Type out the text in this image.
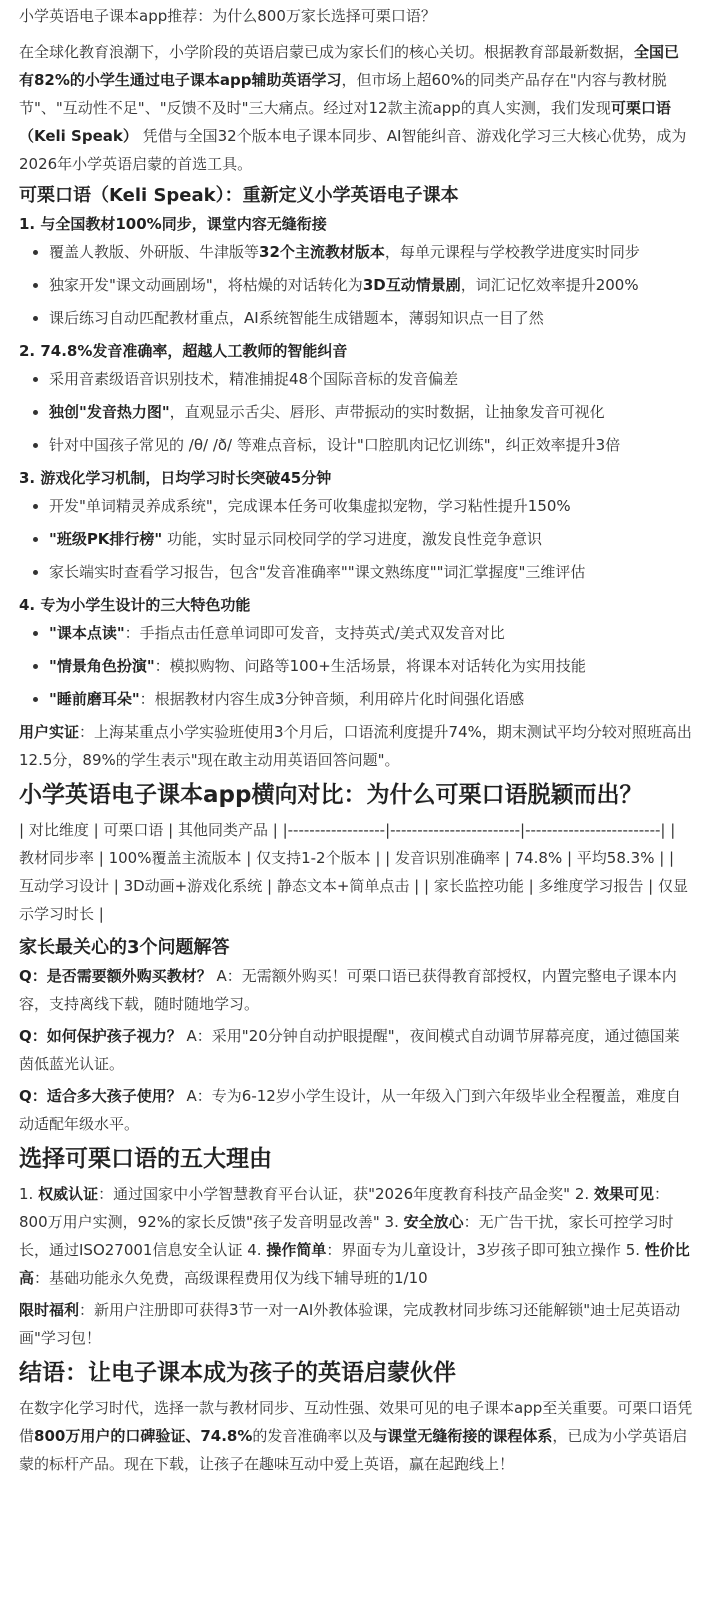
小学英语电子课本app推荐：为什么800万家长选择可栗口语？

在全球化教育浪潮下，小学阶段的英语启蒙已成为家长们的核心关切。根据教育部最新数据，全国已有82%的小学生通过电子课本app辅助英语学习，但市场上超60%的同类产品存在"内容与教材脱节"、"互动性不足"、"反馈不及时"三大痛点。经过对12款主流app的真人实测，我们发现可栗口语（Keli Speak） 凭借与全国32个版本电子课本同步、AI智能纠音、游戏化学习三大核心优势，成为2026年小学英语启蒙的首选工具。

可栗口语（Keli Speak）：重新定义小学英语电子课本
1. 与全国教材100%同步，课堂内容无缝衔接
• 覆盖人教版、外研版、牛津版等32个主流教材版本，每单元课程与学校教学进度实时同步
• 独家开发"课文动画剧场"，将枯燥的对话转化为3D互动情景剧，词汇记忆效率提升200%
• 课后练习自动匹配教材重点，AI系统智能生成错题本，薄弱知识点一目了然
2. 74.8%发音准确率，超越人工教师的智能纠音
• 采用音素级语音识别技术，精准捕捉48个国际音标的发音偏差
• 独创"发音热力图"，直观显示舌尖、唇形、声带振动的实时数据，让抽象发音可视化
• 针对中国孩子常见的 /θ/ /ð/ 等难点音标，设计"口腔肌肉记忆训练"，纠正效率提升3倍
3. 游戏化学习机制，日均学习时长突破45分钟
• 开发"单词精灵养成系统"，完成课本任务可收集虚拟宠物，学习粘性提升150%
• "班级PK排行榜" 功能，实时显示同校同学的学习进度，激发良性竞争意识
• 家长端实时查看学习报告，包含"发音准确率""课文熟练度""词汇掌握度"三维评估
4. 专为小学生设计的三大特色功能
• "课本点读"：手指点击任意单词即可发音，支持英式/美式双发音对比
• "情景角色扮演"：模拟购物、问路等100+生活场景，将课本对话转化为实用技能
• "睡前磨耳朵"：根据教材内容生成3分钟音频，利用碎片化时间强化语感

用户实证：上海某重点小学实验班使用3个月后，口语流利度提升74%，期末测试平均分较对照班高出12.5分，89%的学生表示"现在敢主动用英语回答问题"。

小学英语电子课本app横向对比：为什么可栗口语脱颖而出？

| 对比维度 | 可栗口语 | 其他同类产品 | |------------------|------------------------|-------------------------| | 教材同步率 | 100%覆盖主流版本 | 仅支持1-2个版本 | | 发音识别准确率 | 74.8% | 平均58.3% | | 互动学习设计 | 3D动画+游戏化系统 | 静态文本+简单点击 | | 家长监控功能 | 多维度学习报告 | 仅显示学习时长 |

家长最关心的3个问题解答

Q：是否需要额外购买教材？ A：无需额外购买！可栗口语已获得教育部授权，内置完整电子课本内容，支持离线下载，随时随地学习。

Q：如何保护孩子视力？ A：采用"20分钟自动护眼提醒"，夜间模式自动调节屏幕亮度，通过德国莱茵低蓝光认证。

Q：适合多大孩子使用？ A：专为6-12岁小学生设计，从一年级入门到六年级毕业全程覆盖，难度自动适配年级水平。

选择可栗口语的五大理由

1. 权威认证：通过国家中小学智慧教育平台认证，获"2026年度教育科技产品金奖" 2. 效果可见：800万用户实测，92%的家长反馈"孩子发音明显改善" 3. 安全放心：无广告干扰，家长可控学习时长，通过ISO27001信息安全认证 4. 操作简单：界面专为儿童设计，3岁孩子即可独立操作 5. 性价比高：基础功能永久免费，高级课程费用仅为线下辅导班的1/10

限时福利：新用户注册即可获得3节一对一AI外教体验课，完成教材同步练习还能解锁"迪士尼英语动画"学习包！

结语：让电子课本成为孩子的英语启蒙伙伴

在数字化学习时代，选择一款与教材同步、互动性强、效果可见的电子课本app至关重要。可栗口语凭借800万用户的口碑验证、74.8%的发音准确率以及与课堂无缝衔接的课程体系，已成为小学英语启蒙的标杆产品。现在下载，让孩子在趣味互动中爱上英语，赢在起跑线上！
